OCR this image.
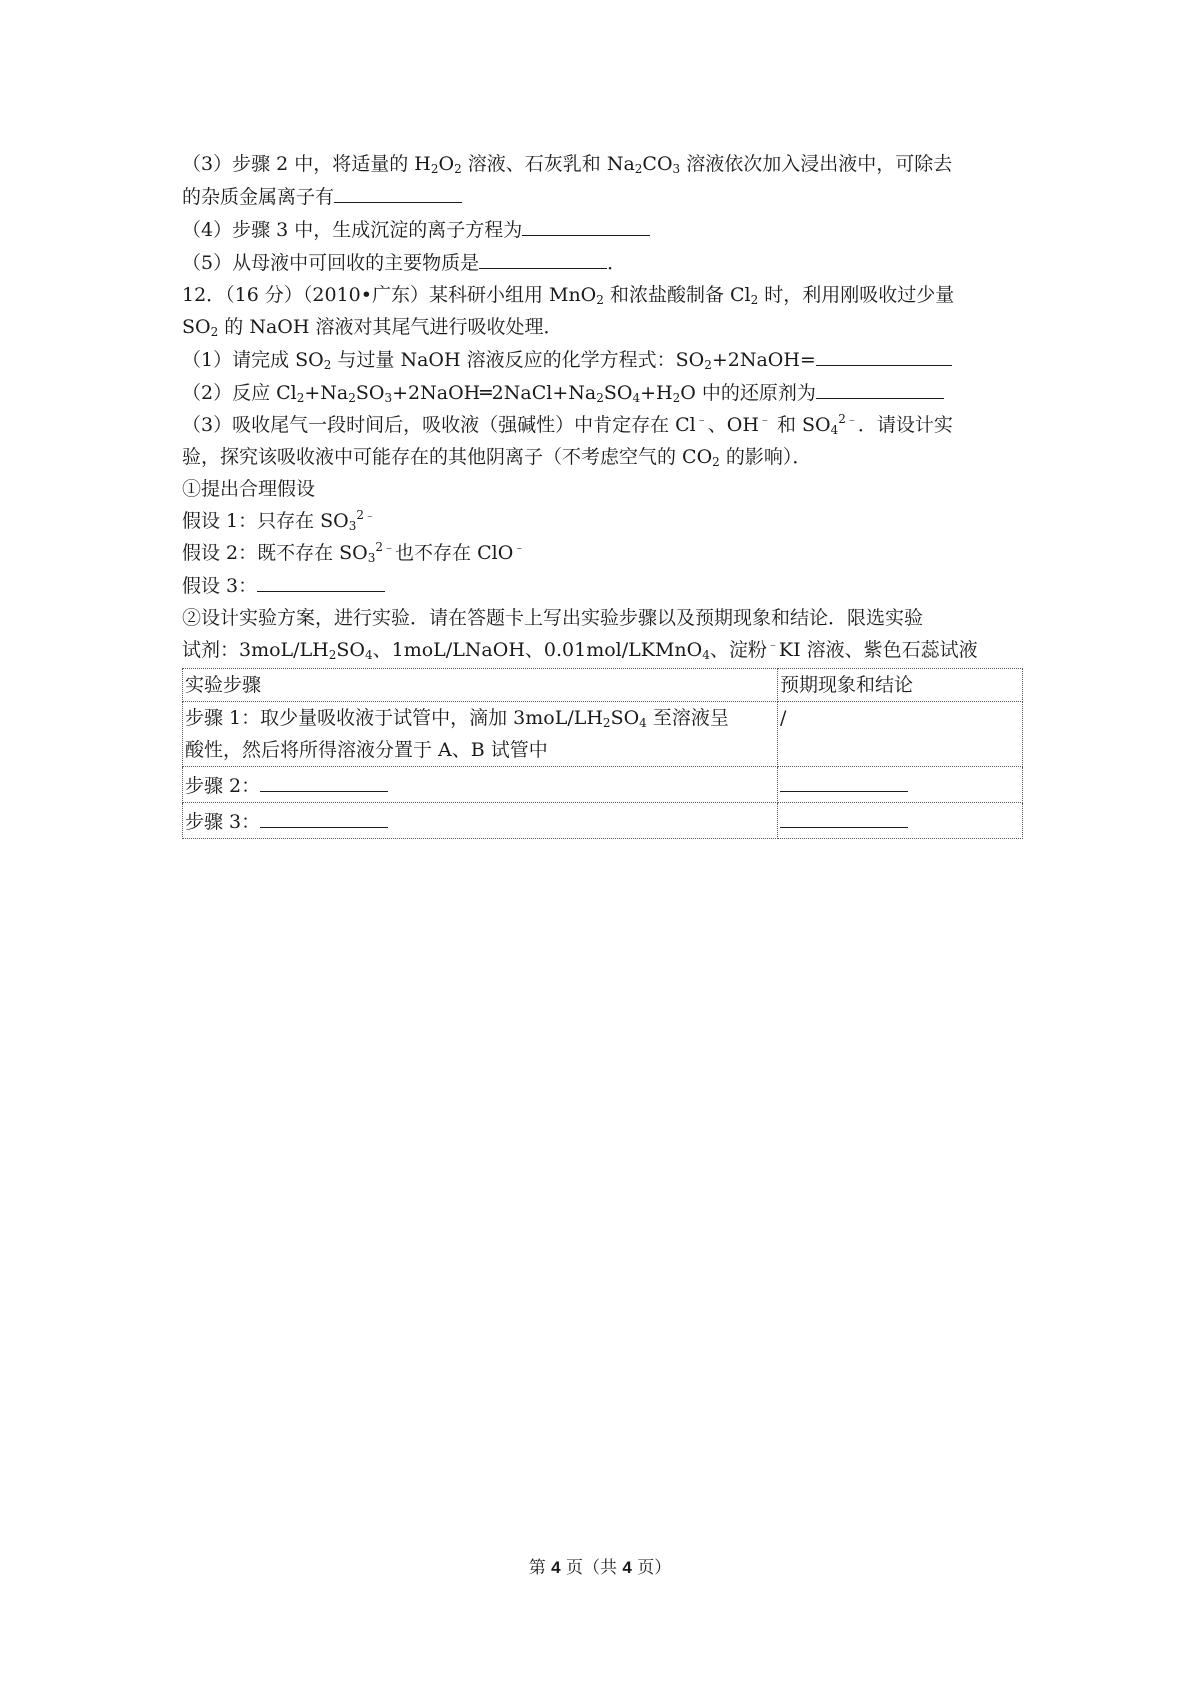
（3）步骤 2 中，将适量的 $H_2O_2$ 溶液、石灰乳和 $Na_2CO_3$ 溶液依次加入浸出液中，可除去
的杂质金属离子有
（4）步骤 3 中，生成沉淀的离子方程为
（5）从母液中可回收的主要物质是	．
12．（16 分）（2010•广东）某科研小组用 MnO$_2$ 和浓盐酸制备 $Cl_2$ 时，利用刚吸收过少量
$SO_2$ 的 NaOH 溶液对其尾气进行吸收处理．
（1）请完成 $SO_2$ 与过量 NaOH 溶液反应的化学方程式：$SO_2+2NaOH=$
（2）反应 $Cl_2+Na_2SO_3+2NaOH═2NaCl+Na_2SO_4+H_2O$ 中的还原剂为
（3）吸收尾气一段时间后，吸收液（强碱性）中肯定存在 Cl﹣、OH﹣ 和 $SO_4^{2﹣}$．请设计实
验，探究该吸收液中可能存在的其他阴离子（不考虑空气的 $CO_2$ 的影响）．
①提出合理假设
假设 1：只存在 $SO_3^{2﹣}$
假设 2：既不存在 $SO_3^{2﹣}$也不存在 ClO﹣
假设 3：
②设计实验方案，进行实验．请在答题卡上写出实验步骤以及预期现象和结论．限选实验
试剂：$3moL/LH_2SO_4$、1moL/LNaOH、0.01mol/LKMnO$_4$、淀粉﹣KI 溶液、紫色石蕊试液
实验步骤	预期现象和结论
步骤 1：取少量吸收液于试管中，滴加 $3moL/LH_2SO_4$ 至溶液呈
酸性，然后将所得溶液分置于 A、B 试管中	/
步骤 2：	
步骤 3：	
第 4 页（共 4 页）
